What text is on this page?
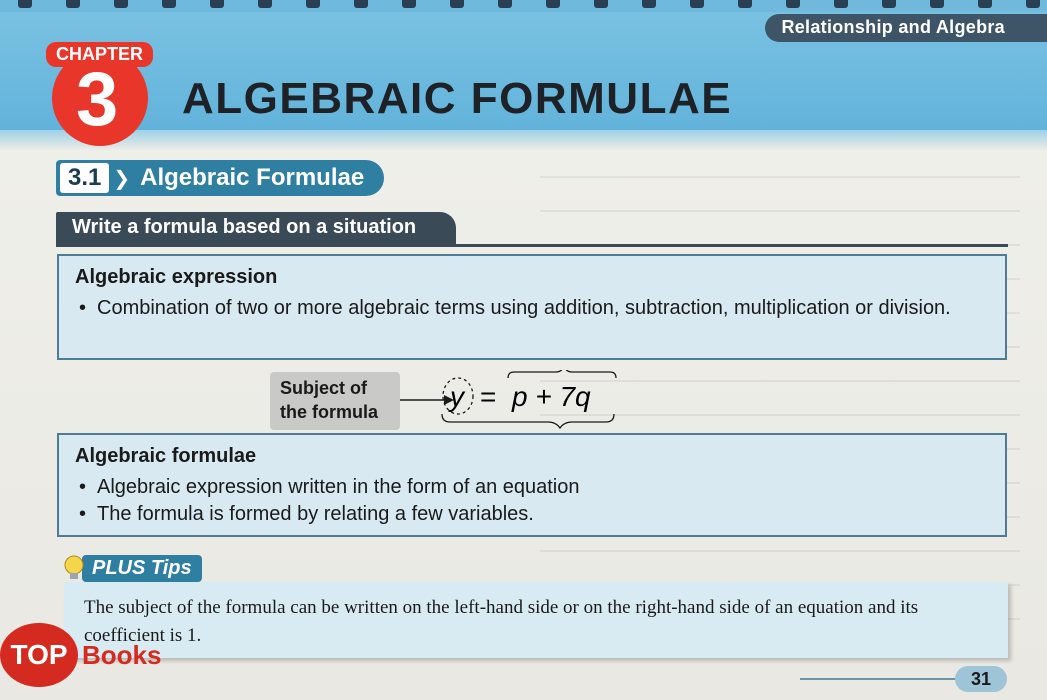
Relationship and Algebra
CHAPTER
3 ALGEBRAIC FORMULAE
3.1 ❯ Algebraic Formulae
Write a formula based on a situation
Algebraic expression
• Combination of two or more algebraic terms using addition, subtraction, multiplication or division.
Subject of
the formula	y = p + 7q
Algebraic formulae
• Algebraic expression written in the form of an equation
• The formula is formed by relating a few variables.
PLUS Tips
The subject of the formula can be written on the left-hand side or on the right-hand side of an equation and its coefficient is 1.
TOP Books
31
